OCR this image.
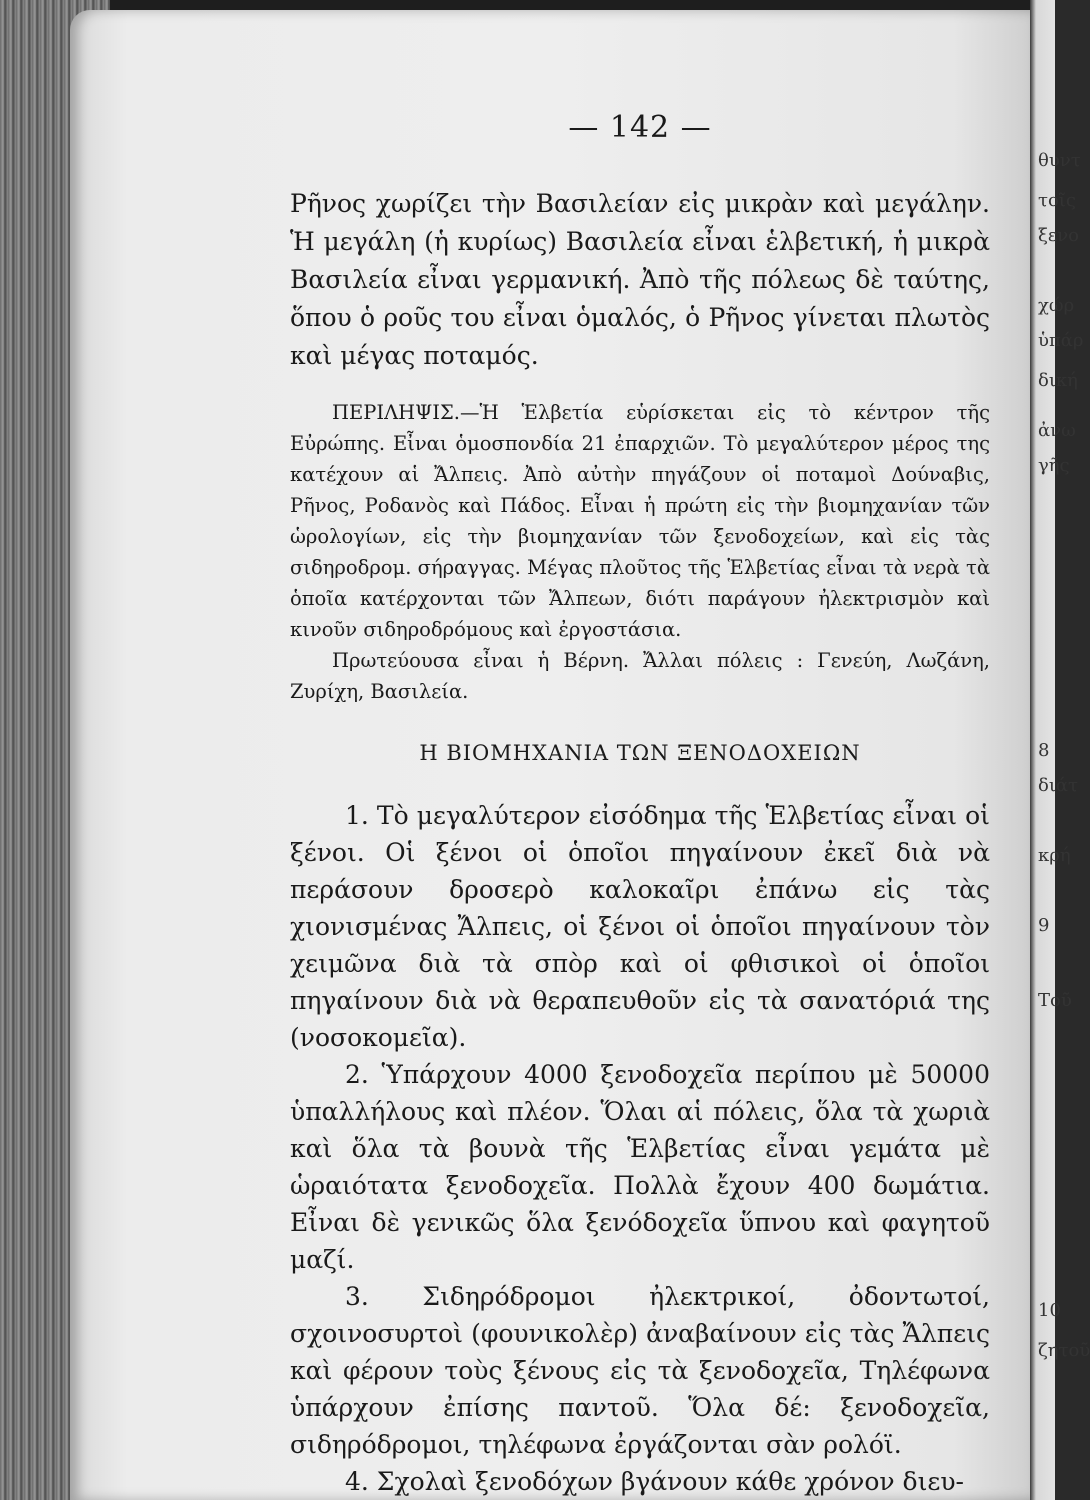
θυντ
τοῖς
ξενο
χώρ
ὑπάρ
δική
ἀνω
γῆς
8
διάτ
κρή
9
Τοῦ
10
ζητοῦ
— 142 —

Ρῆνος χωρίζει τὴν Βασιλείαν εἰς μικρὰν καὶ μεγάλην. Ἡ μεγάλη (ἡ κυρίως) Βασιλεία εἶναι ἑλβετική, ἡ μικρὰ Βασιλεία εἶναι γερμανική. Ἀπὸ τῆς πόλεως δὲ ταύτης, ὅπου ὁ ροῦς του εἶναι ὁμαλός, ὁ Ρῆνος γίνεται πλωτὸς καὶ μέγας ποταμός.

ΠΕΡΙΛΗΨΙΣ.—Ἡ Ἑλβετία εὑρίσκεται εἰς τὸ κέντρον τῆς Εὐρώπης. Εἶναι ὁμοσπονδία 21 ἐπαρχιῶν. Τὸ μεγαλύτερον μέρος της κατέχουν αἱ Ἄλπεις. Ἀπὸ αὐτὴν πηγάζουν οἱ ποταμοὶ Δούναβις, Ρῆνος, Ροδανὸς καὶ Πάδος. Εἶναι ἡ πρώτη εἰς τὴν βιομηχανίαν τῶν ὡρολογίων, εἰς τὴν βιομηχανίαν τῶν ξενοδοχείων, καὶ εἰς τὰς σιδηροδρομ. σήραγγας. Μέγας πλοῦτος τῆς Ἑλβετίας εἶναι τὰ νερὰ τὰ ὁποῖα κατέρχονται τῶν Ἄλπεων, διότι παράγουν ἠλεκτρισμὸν καὶ κινοῦν σιδηροδρόμους καὶ ἐργοστάσια.

Πρωτεύουσα εἶναι ἡ Βέρνη. Ἄλλαι πόλεις : Γενεύη, Λωζάνη, Ζυρίχη, Βασιλεία.

Η ΒΙΟΜΗΧΑΝΙΑ ΤΩΝ ΞΕΝΟΔΟΧΕΙΩΝ

1. Τὸ μεγαλύτερον εἰσόδημα τῆς Ἑλβετίας εἶναι οἱ ξένοι. Οἱ ξένοι οἱ ὁποῖοι πηγαίνουν ἐκεῖ διὰ νὰ περάσουν δροσερὸ καλοκαῖρι ἐπάνω εἰς τὰς χιονισμένας Ἄλπεις, οἱ ξένοι οἱ ὁποῖοι πηγαίνουν τὸν χειμῶνα διὰ τὰ σπὸρ καὶ οἱ φθισικοὶ οἱ ὁποῖοι πηγαίνουν διὰ νὰ θεραπευθοῦν εἰς τὰ σανατόριά της (νοσοκομεῖα).

2. Ὑπάρχουν 4000 ξενοδοχεῖα περίπου μὲ 50000 ὑπαλλήλους καὶ πλέον. Ὅλαι αἱ πόλεις, ὅλα τὰ χωριὰ καὶ ὅλα τὰ βουνὰ τῆς Ἑλβετίας εἶναι γεμάτα μὲ ὡραιότατα ξενοδοχεῖα. Πολλὰ ἔχουν 400 δωμάτια. Εἶναι δὲ γενικῶς ὅλα ξενόδοχεῖα ὕπνου καὶ φαγητοῦ μαζί.

3. Σιδηρόδρομοι ἠλεκτρικοί, ὀδοντωτοί, σχοινοσυρτοὶ (φουνικολὲρ) ἀναβαίνουν εἰς τὰς Ἄλπεις καὶ φέρουν τοὺς ξένους εἰς τὰ ξενοδοχεῖα, Τηλέφωνα ὑπάρχουν ἐπίσης παντοῦ. Ὅλα δέ: ξενοδοχεῖα, σιδηρόδρομοι, τηλέφωνα ἐργάζονται σὰν ρολόϊ.

4. Σχολαὶ ξενοδόχων βγάνουν κάθε χρόνον διευ-
